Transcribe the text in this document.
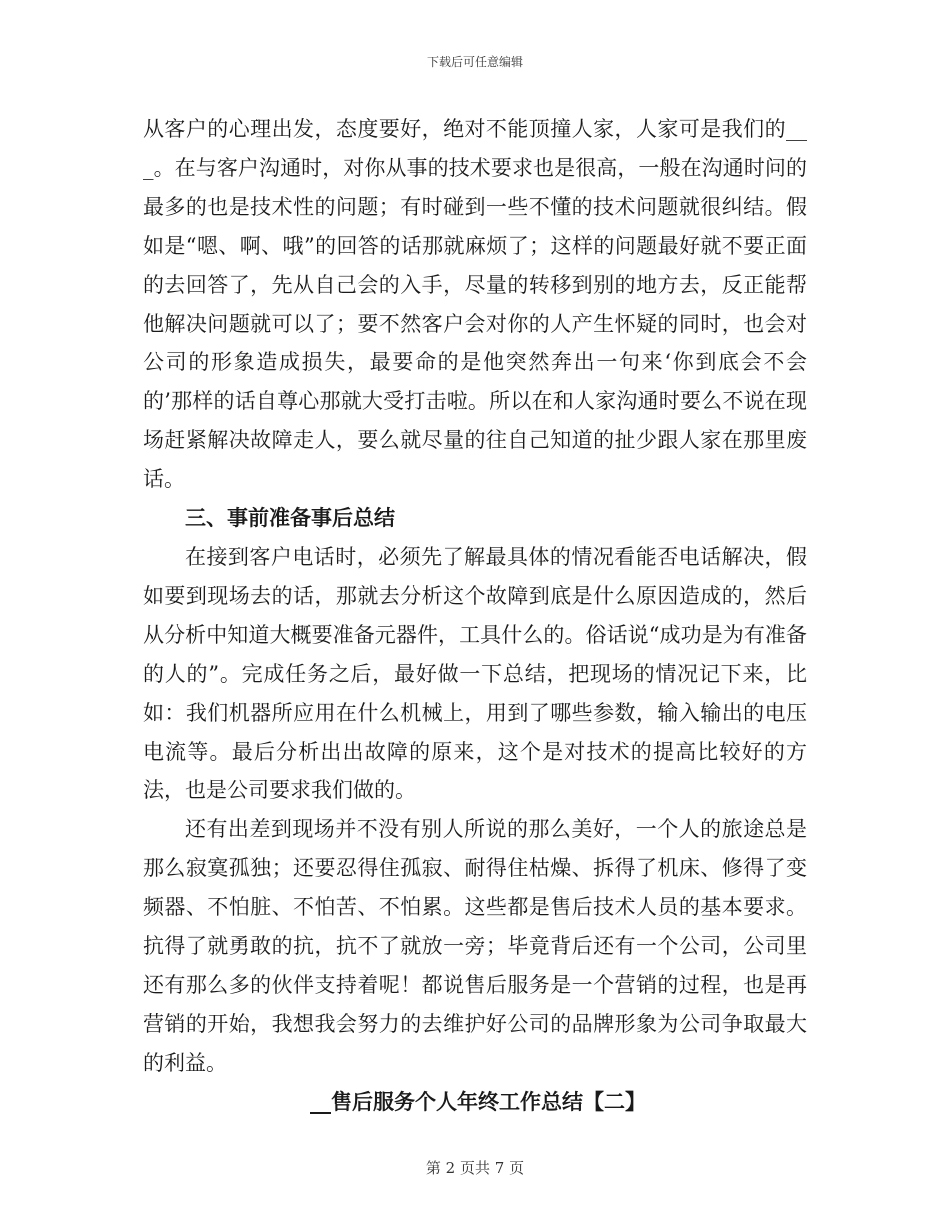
下载后可任意编辑

从客户的心理出发，态度要好，绝对不能顶撞人家，人家可是我们的___。在与客户沟通时，对你从事的技术要求也是很高，一般在沟通时问的最多的也是技术性的问题；有时碰到一些不懂的技术问题就很纠结。假如是“嗯、啊、哦”的回答的话那就麻烦了；这样的问题最好就不要正面的去回答了，先从自己会的入手，尽量的转移到别的地方去，反正能帮他解决问题就可以了；要不然客户会对你的人产生怀疑的同时，也会对公司的形象造成损失，最要命的是他突然奔出一句来‘你到底会不会的’那样的话自尊心那就大受打击啦。所以在和人家沟通时要么不说在现场赶紧解决故障走人，要么就尽量的往自己知道的扯少跟人家在那里废话。

三、事前准备事后总结

在接到客户电话时，必须先了解最具体的情况看能否电话解决，假如要到现场去的话，那就去分析这个故障到底是什么原因造成的，然后从分析中知道大概要准备元器件，工具什么的。俗话说“成功是为有准备的人的”。完成任务之后，最好做一下总结，把现场的情况记下来，比如：我们机器所应用在什么机械上，用到了哪些参数，输入输出的电压电流等。最后分析出出故障的原来，这个是对技术的提高比较好的方法，也是公司要求我们做的。

还有出差到现场并不没有别人所说的那么美好，一个人的旅途总是那么寂寞孤独；还要忍得住孤寂、耐得住枯燥、拆得了机床、修得了变频器、不怕脏、不怕苦、不怕累。这些都是售后技术人员的基本要求。抗得了就勇敢的抗，抗不了就放一旁；毕竟背后还有一个公司，公司里还有那么多的伙伴支持着呢！都说售后服务是一个营销的过程，也是再营销的开始，我想我会努力的去维护好公司的品牌形象为公司争取最大的利益。

__售后服务个人年终工作总结【二】

第 2 页共 7 页
